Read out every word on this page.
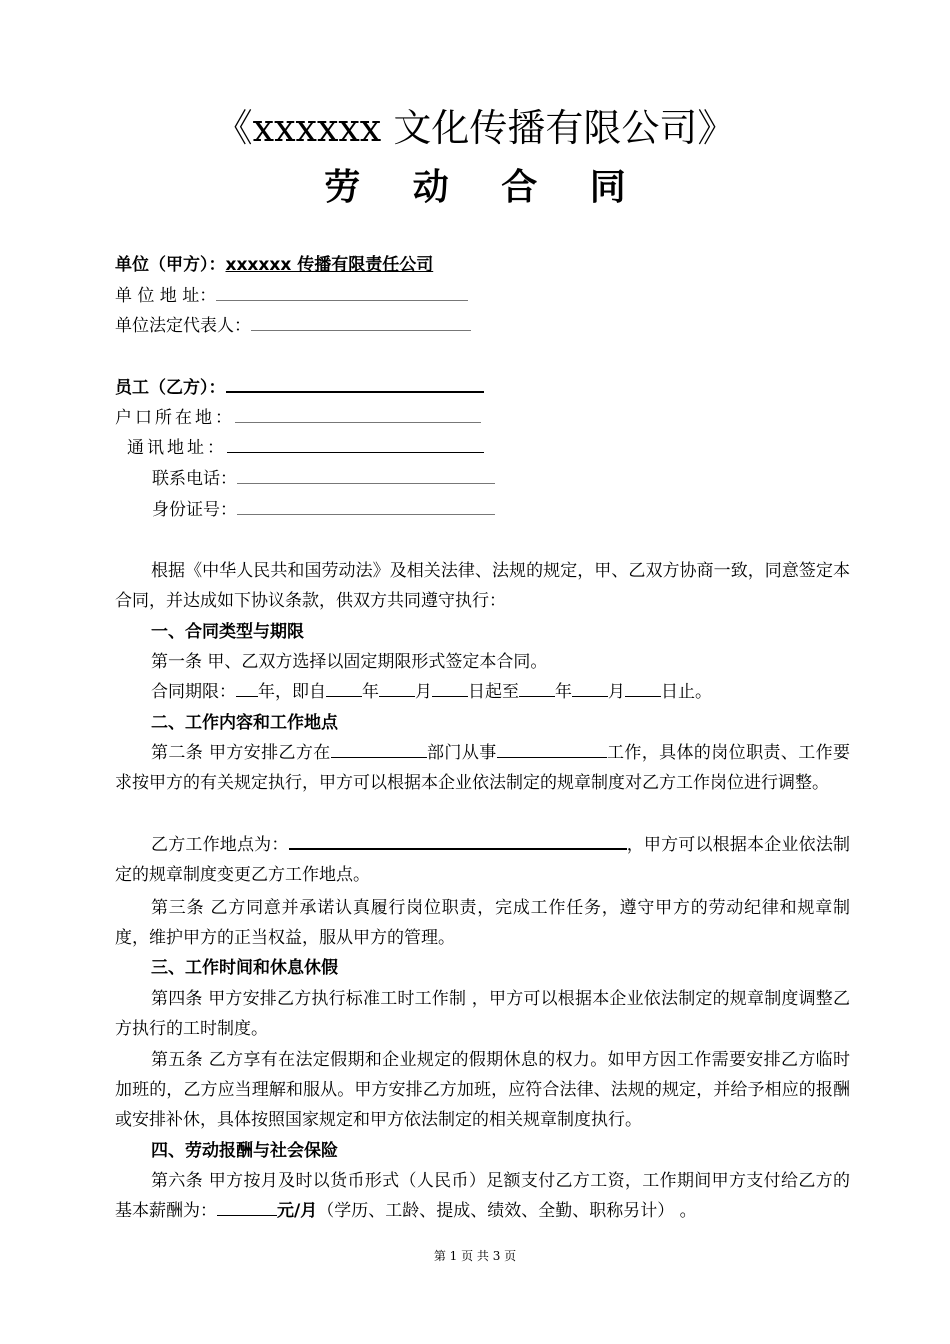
《xxxxxx 文化传播有限公司》
劳 动 合 同
单位（甲方）：xxxxxx 传播有限责任公司
单 位 地 址：
单位法定代表人：
员工（乙方）：
户口所在地：
通讯地址：
联系电话：
身份证号：
根据《中华人民共和国劳动法》及相关法律、法规的规定，甲、乙双方协商一致，同意签定本合同，并达成如下协议条款，供双方共同遵守执行：
一、合同类型与期限
第一条 甲、乙双方选择以固定期限形式签定本合同。
合同期限： 年，即自 年 月 日起至 年 月 日止。
二、工作内容和工作地点
第二条 甲方安排乙方在	部门从事	工作，具体的岗位职责、工作要求按甲方的有关规定执行，甲方可以根据本企业依法制定的规章制度对乙方工作岗位进行调整。
乙方工作地点为：	，甲方可以根据本企业依法制定的规章制度变更乙方工作地点。
第三条 乙方同意并承诺认真履行岗位职责，完成工作任务，遵守甲方的劳动纪律和规章制度，维护甲方的正当权益，服从甲方的管理。
三、工作时间和休息休假
第四条 甲方安排乙方执行标准工时工作制 ，甲方可以根据本企业依法制定的规章制度调整乙方执行的工时制度。
第五条 乙方享有在法定假期和企业规定的假期休息的权力。如甲方因工作需要安排乙方临时加班的，乙方应当理解和服从。甲方安排乙方加班，应符合法律、法规的规定，并给予相应的报酬或安排补休，具体按照国家规定和甲方依法制定的相关规章制度执行。
四、劳动报酬与社会保险
第六条 甲方按月及时以货币形式（人民币）足额支付乙方工资，工作期间甲方支付给乙方的基本薪酬为：	元/月（学历、工龄、提成、绩效、全勤、职称另计） 。
第 1 页 共 3 页
